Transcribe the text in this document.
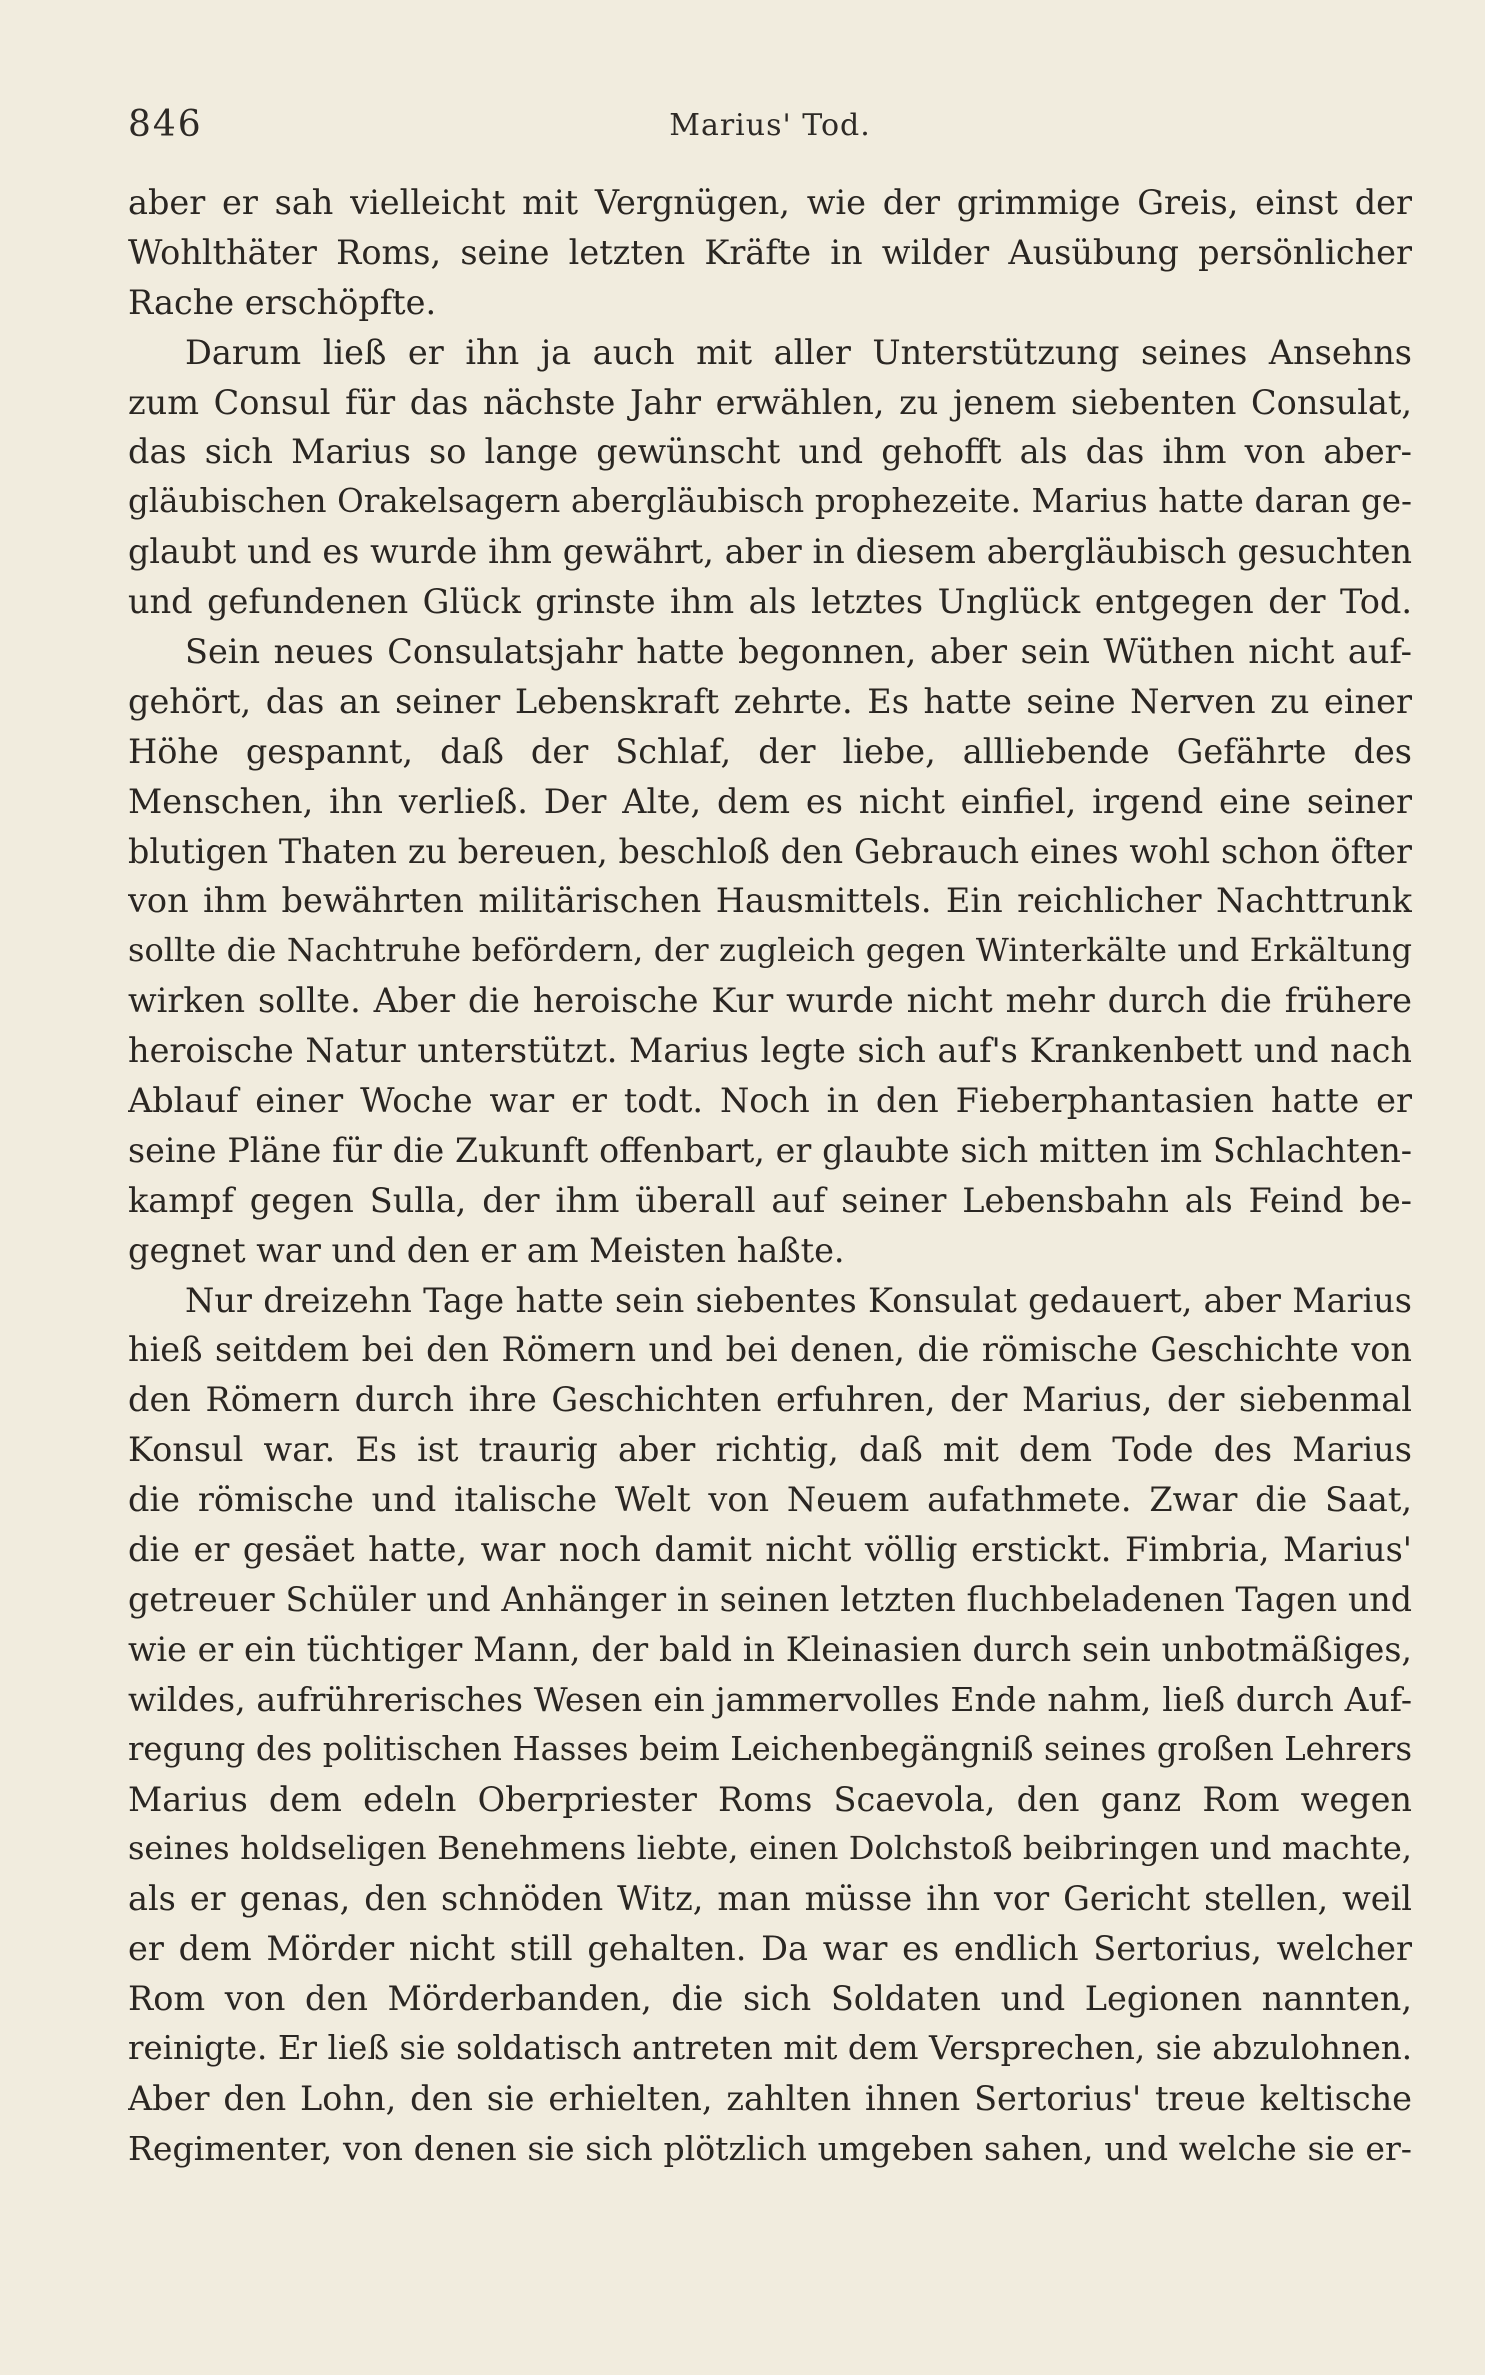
846	Marius' Tod.
aber er sah vielleicht mit Vergnügen, wie der grimmige Greis, einst der
Wohlthäter Roms, seine letzten Kräfte in wilder Ausübung persönlicher
Rache erschöpfte.
Darum ließ er ihn ja auch mit aller Unterstützung seines Ansehns
zum Consul für das nächste Jahr erwählen, zu jenem siebenten Consulat,
das sich Marius so lange gewünscht und gehofft als das ihm von aber-
gläubischen Orakelsagern abergläubisch prophezeite. Marius hatte daran ge-
glaubt und es wurde ihm gewährt, aber in diesem abergläubisch gesuchten
und gefundenen Glück grinste ihm als letztes Unglück entgegen der Tod.
Sein neues Consulatsjahr hatte begonnen, aber sein Wüthen nicht auf-
gehört, das an seiner Lebenskraft zehrte. Es hatte seine Nerven zu einer
Höhe gespannt, daß der Schlaf, der liebe, allliebende Gefährte des
Menschen, ihn verließ. Der Alte, dem es nicht einfiel, irgend eine seiner
blutigen Thaten zu bereuen, beschloß den Gebrauch eines wohl schon öfter
von ihm bewährten militärischen Hausmittels. Ein reichlicher Nachttrunk
sollte die Nachtruhe befördern, der zugleich gegen Winterkälte und Erkältung
wirken sollte. Aber die heroische Kur wurde nicht mehr durch die frühere
heroische Natur unterstützt. Marius legte sich auf's Krankenbett und nach
Ablauf einer Woche war er todt. Noch in den Fieberphantasien hatte er
seine Pläne für die Zukunft offenbart, er glaubte sich mitten im Schlachten-
kampf gegen Sulla, der ihm überall auf seiner Lebensbahn als Feind be-
gegnet war und den er am Meisten haßte.
Nur dreizehn Tage hatte sein siebentes Konsulat gedauert, aber Marius
hieß seitdem bei den Römern und bei denen, die römische Geschichte von
den Römern durch ihre Geschichten erfuhren, der Marius, der siebenmal
Konsul war. Es ist traurig aber richtig, daß mit dem Tode des Marius
die römische und italische Welt von Neuem aufathmete. Zwar die Saat,
die er gesäet hatte, war noch damit nicht völlig erstickt. Fimbria, Marius'
getreuer Schüler und Anhänger in seinen letzten fluchbeladenen Tagen und
wie er ein tüchtiger Mann, der bald in Kleinasien durch sein unbotmäßiges,
wildes, aufrührerisches Wesen ein jammervolles Ende nahm, ließ durch Auf-
regung des politischen Hasses beim Leichenbegängniß seines großen Lehrers
Marius dem edeln Oberpriester Roms Scaevola, den ganz Rom wegen
seines holdseligen Benehmens liebte, einen Dolchstoß beibringen und machte,
als er genas, den schnöden Witz, man müsse ihn vor Gericht stellen, weil
er dem Mörder nicht still gehalten. Da war es endlich Sertorius, welcher
Rom von den Mörderbanden, die sich Soldaten und Legionen nannten,
reinigte. Er ließ sie soldatisch antreten mit dem Versprechen, sie abzulohnen.
Aber den Lohn, den sie erhielten, zahlten ihnen Sertorius' treue keltische
Regimenter, von denen sie sich plötzlich umgeben sahen, und welche sie er-
